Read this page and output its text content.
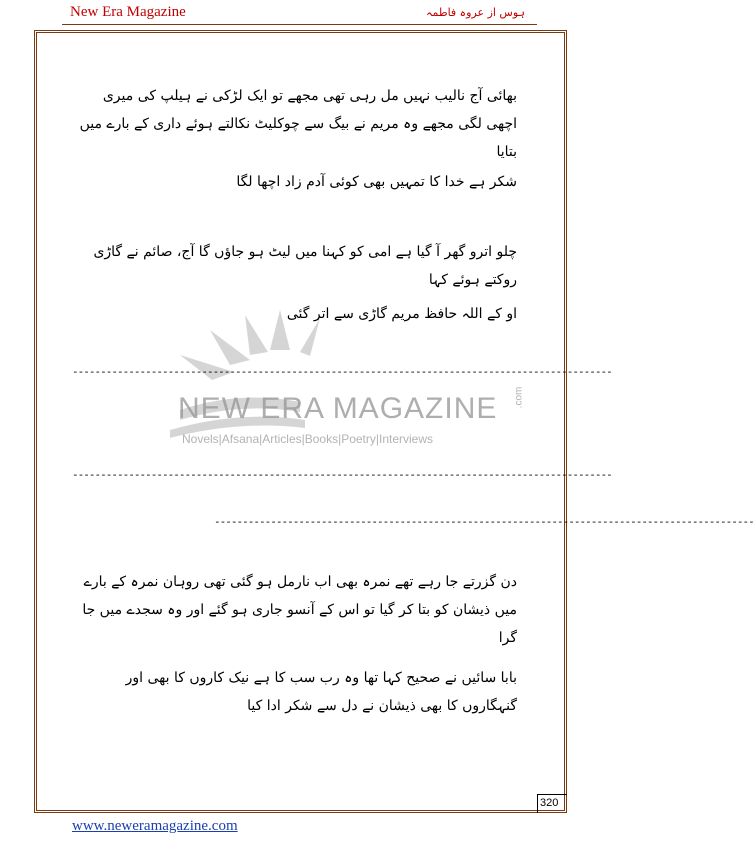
New Era Magazine	ہوس از عروہ فاطمہ
NEW ERA MAGAZINE .com
Novels|Afsana|Articles|Books|Poetry|Interviews
بھائی آج نالیب نہیں مل رہی تھی مجھے تو ایک لڑکی نے ہیلپ کی میری اچھی لگی مجھے وہ مریم نے بیگ سے چوکلیٹ نکالتے ہوئے داری کے بارے میں بتایا
شکر ہے خدا کا تمہیں بھی کوئی آدم زاد اچھا لگا
چلو اترو گھر آ گیا ہے امی کو کہنا میں لیٹ ہو جاؤں گا آج، صائم نے گاڑی روکتے ہوئے کہا
او کے اللہ حافظ مریم گاڑی سے اتر گئی
------------------------------------------------------------------------------------------------
------------------------------------------------------------------------------------------------
------------------------------------------------------------------------------------------------
دن گزرتے جا رہے تھے نمرہ بھی اب نارمل ہو گئی تھی روہان نمرہ کے بارے میں ذیشان کو بتا کر گیا تو اس کے آنسو جاری ہو گئے اور وہ سجدے میں جا گرا
بابا سائیں نے صحیح کہا تھا وہ رب سب کا ہے نیک کاروں کا بھی اور گنہگاروں کا بھی ذیشان نے دل سے شکر ادا کیا
320
www.neweramagazine.com
